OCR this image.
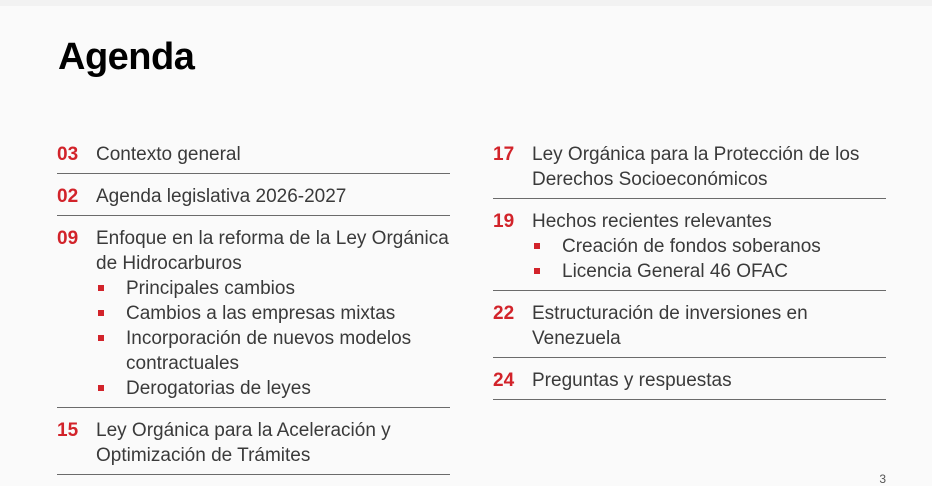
Agenda
03 Contexto general
02 Agenda legislativa 2026-2027
09 Enfoque en la reforma de la Ley Orgánica de Hidrocarburos
Principales cambios
Cambios a las empresas mixtas
Incorporación de nuevos modelos contractuales
Derogatorias de leyes
15 Ley Orgánica para la Aceleración y Optimización de Trámites
17 Ley Orgánica para la Protección de los Derechos Socioeconómicos
19 Hechos recientes relevantes
Creación de fondos soberanos
Licencia General 46 OFAC
22 Estructuración de inversiones en Venezuela
24 Preguntas y respuestas
3
